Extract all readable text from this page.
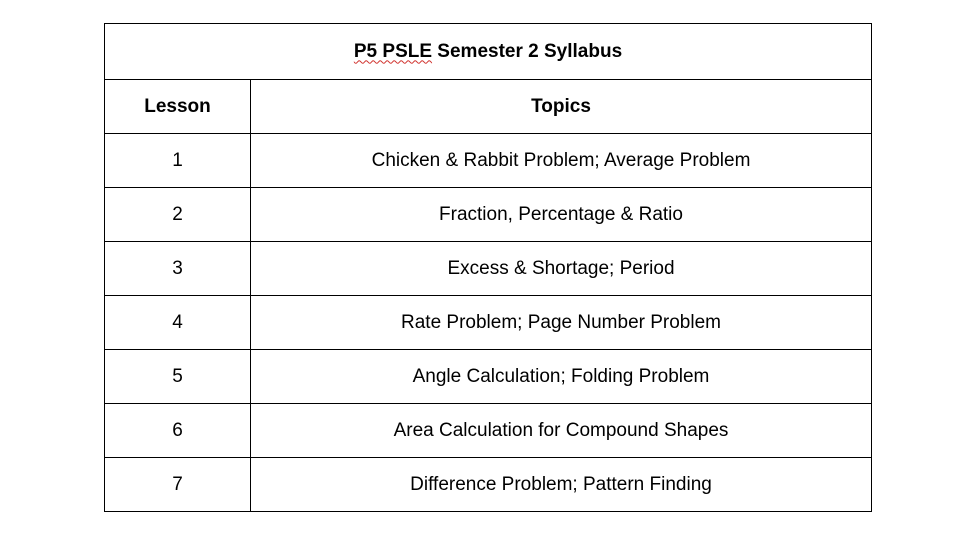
P5 PSLE Semester 2 Syllabus	
Lesson	Topics
1	Chicken & Rabbit Problem; Average Problem
2	Fraction, Percentage & Ratio
3	Excess & Shortage; Period
4	Rate Problem; Page Number Problem
5	Angle Calculation; Folding Problem
6	Area Calculation for Compound Shapes
7	Difference Problem; Pattern Finding
